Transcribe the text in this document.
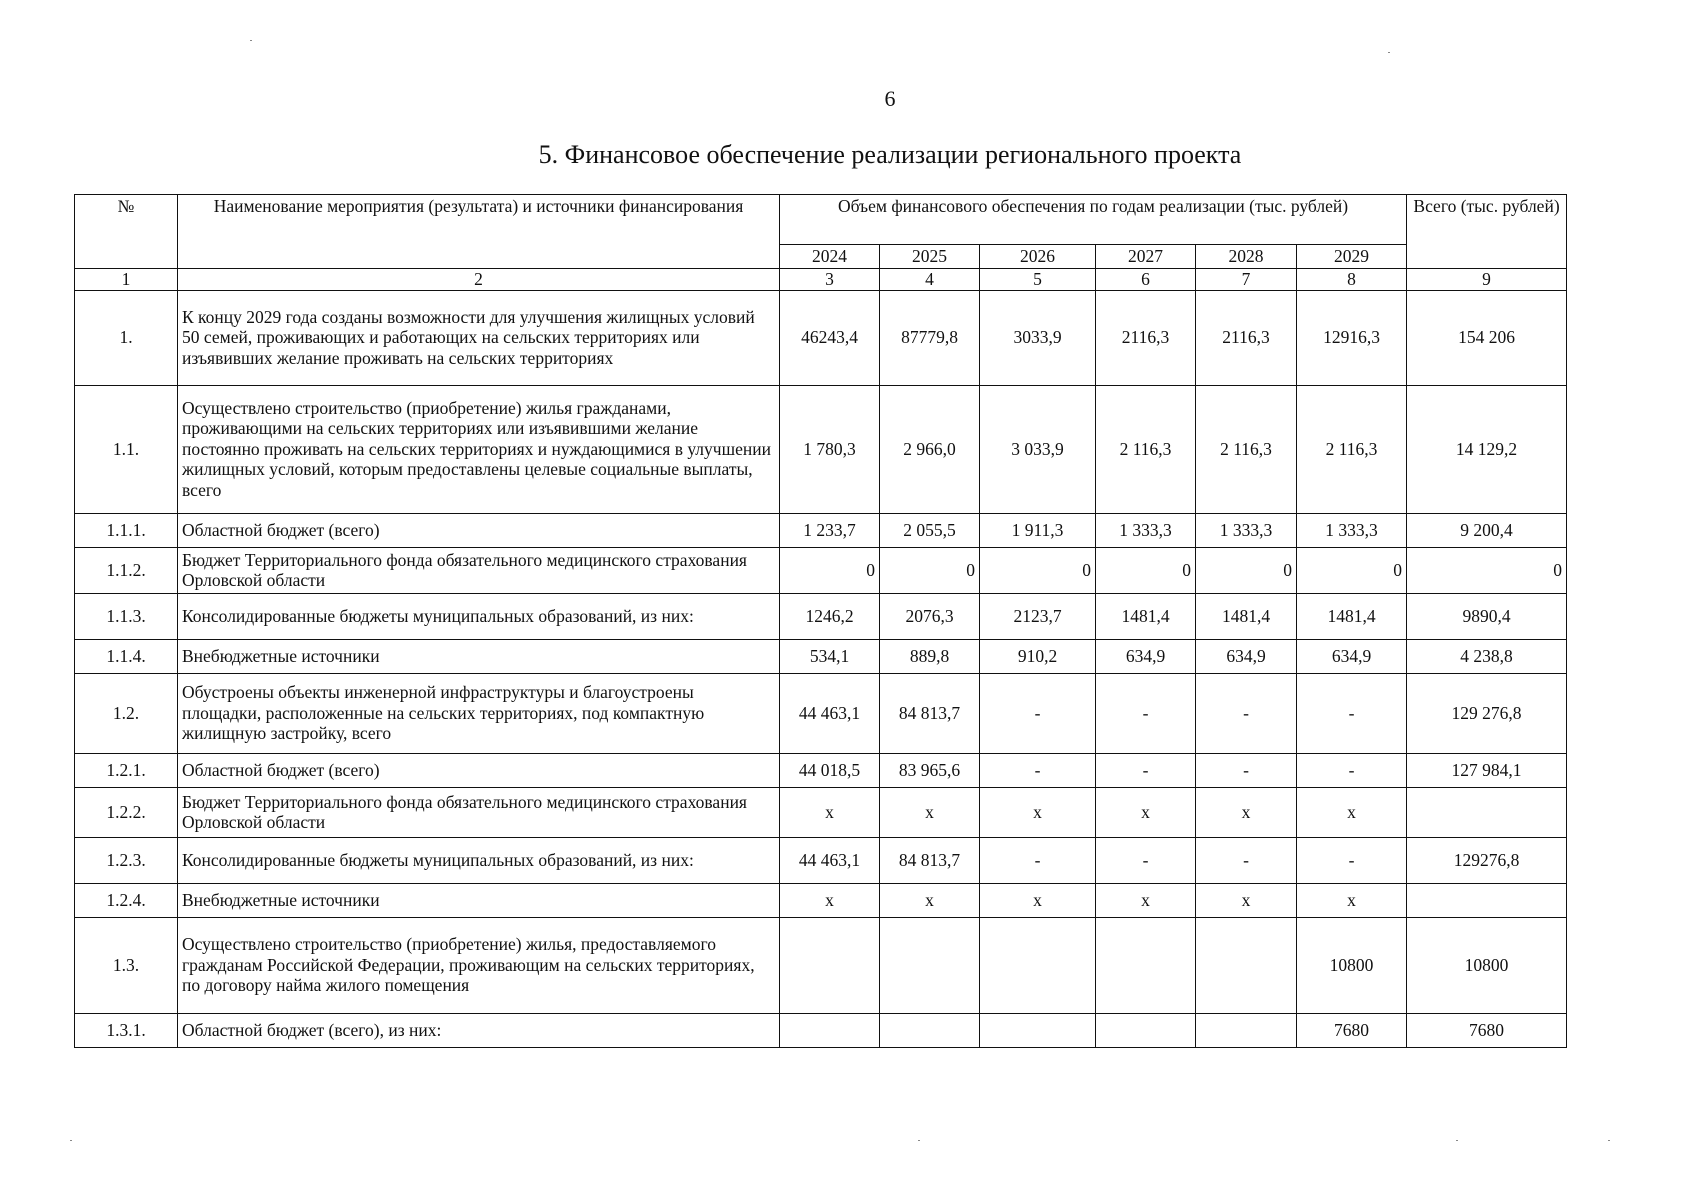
6
5. Финансовое обеспечение реализации регионального проекта
№	Наименование мероприятия (результата) и источники финансирования	Объем финансового обеспечения по годам реализации (тыс. рублей)						Всего (тыс. рублей)
		2024	2025	2026	2027	2028	2029	
1	2	3	4	5	6	7	8	9
1.	К концу 2029 года созданы возможности для улучшения жилищных условий 50 семей, проживающих и работающих на сельских территориях или изъявивших желание проживать на сельских территориях	46243,4	87779,8	3033,9	2116,3	2116,3	12916,3	154 206
1.1.	Осуществлено строительство (приобретение) жилья гражданами, проживающими на сельских территориях или изъявившими желание постоянно проживать на сельских территориях и нуждающимися в улучшении жилищных условий, которым предоставлены целевые социальные выплаты, всего	1 780,3	2 966,0	3 033,9	2 116,3	2 116,3	2 116,3	14 129,2
1.1.1.	Областной бюджет (всего)	1 233,7	2 055,5	1 911,3	1 333,3	1 333,3	1 333,3	9 200,4
1.1.2.	Бюджет Территориального фонда обязательного медицинского страхования Орловской области	0	0	0	0	0	0	0
1.1.3.	Консолидированные бюджеты муниципальных образований, из них:	1246,2	2076,3	2123,7	1481,4	1481,4	1481,4	9890,4
1.1.4.	Внебюджетные источники	534,1	889,8	910,2	634,9	634,9	634,9	4 238,8
1.2.	Обустроены объекты инженерной инфраструктуры и благоустроены площадки, расположенные на сельских территориях, под компактную жилищную застройку, всего	44 463,1	84 813,7	-	-	-	-	129 276,8
1.2.1.	Областной бюджет (всего)	44 018,5	83 965,6	-	-	-	-	127 984,1
1.2.2.	Бюджет Территориального фонда обязательного медицинского страхования Орловской области	x	x	x	x	x	x	
1.2.3.	Консолидированные бюджеты муниципальных образований, из них:	44 463,1	84 813,7	-	-	-	-	129276,8
1.2.4.	Внебюджетные источники	x	x	x	x	x	x	
1.3.	Осуществлено строительство (приобретение) жилья, предоставляемого гражданам Российской Федерации, проживающим на сельских территориях, по договору найма жилого помещения						10800	10800
1.3.1.	Областной бюджет (всего), из них:						7680	7680
